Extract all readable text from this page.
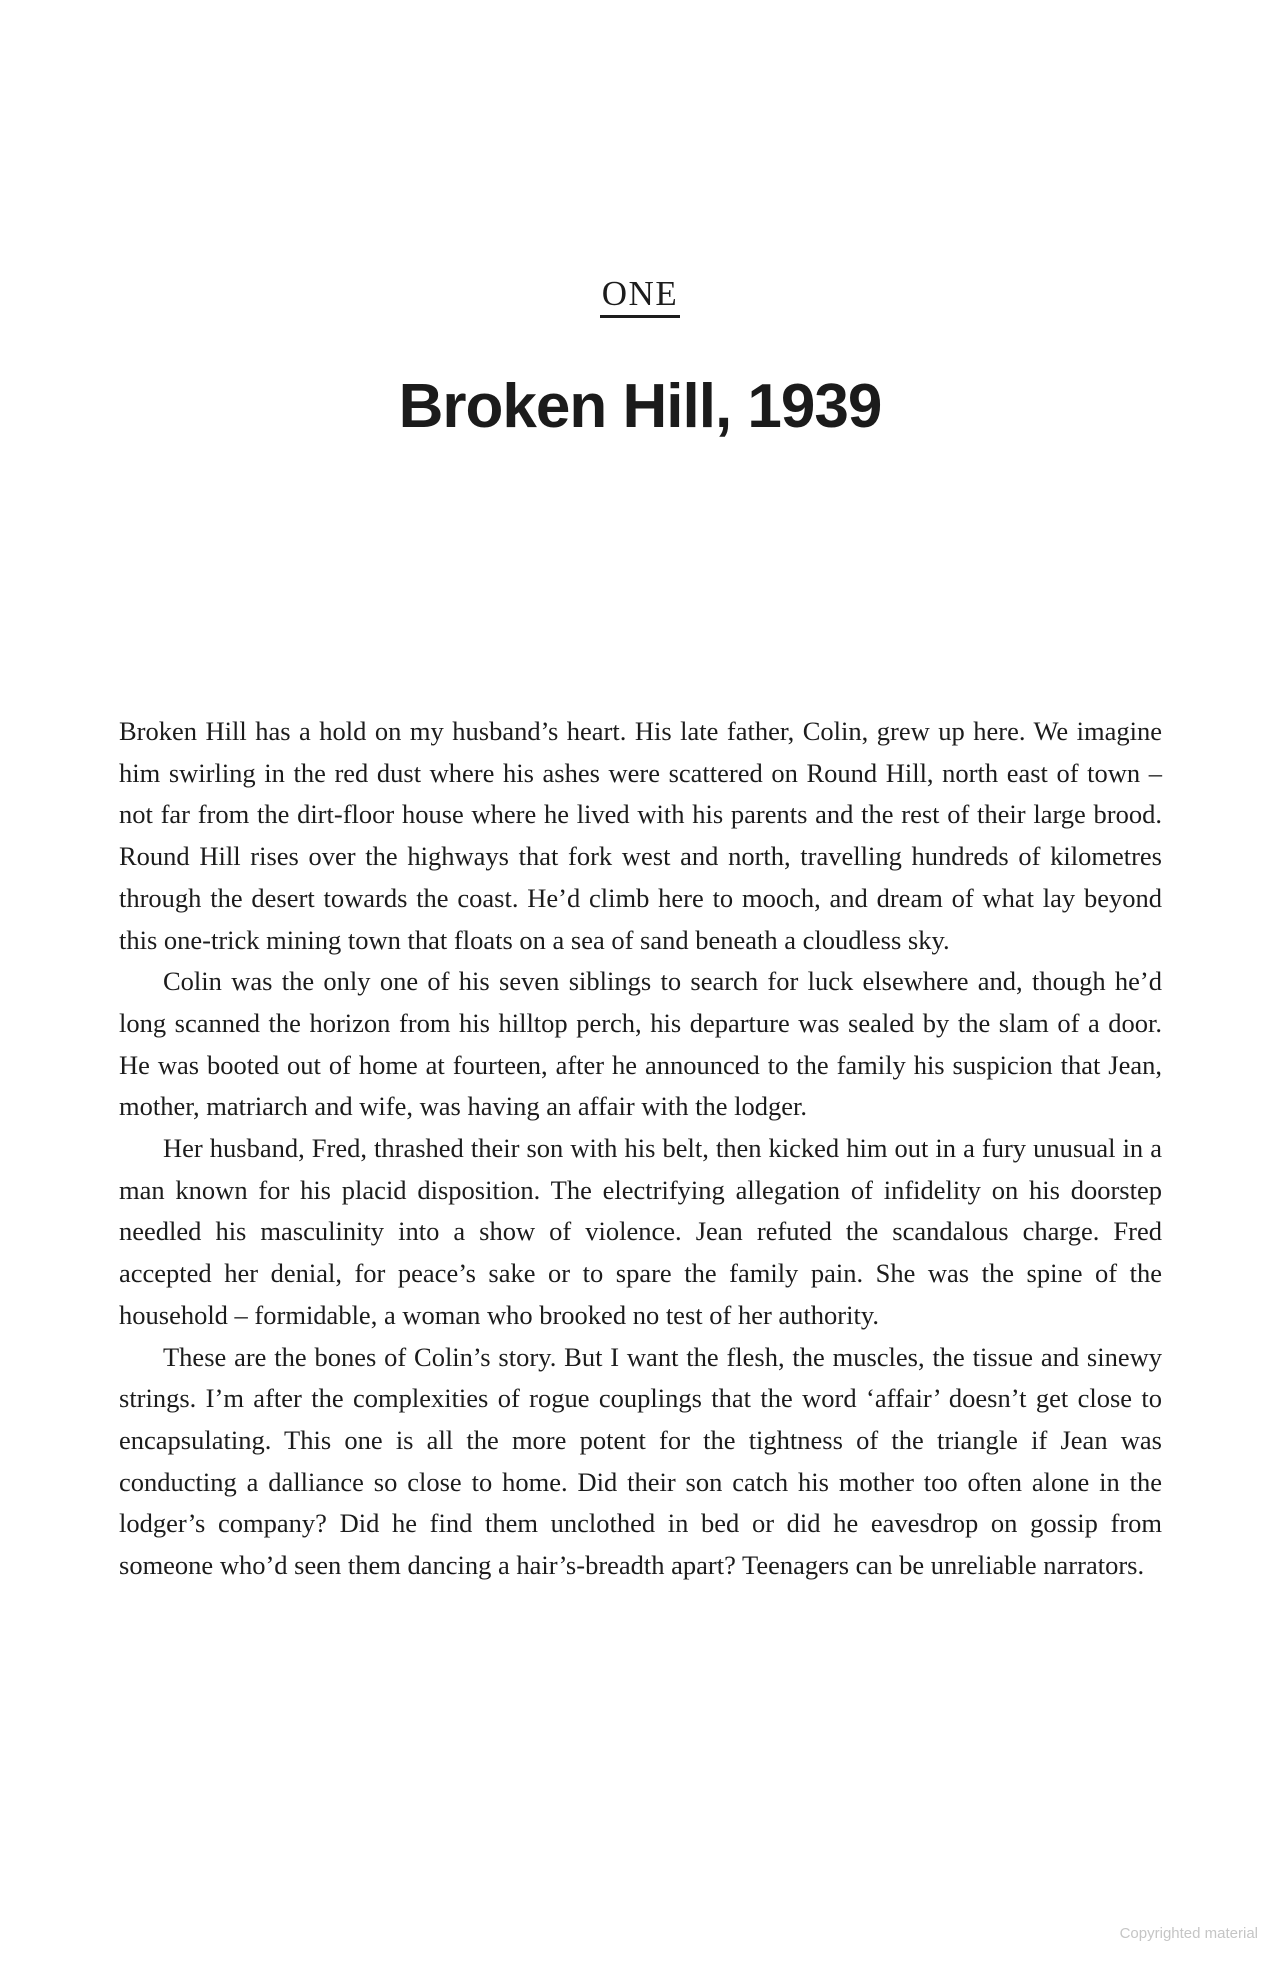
ONE
Broken Hill, 1939

Broken Hill has a hold on my husband’s heart. His late father, Colin, grew up here. We imagine him swirling in the red dust where his ashes were scattered on Round Hill, north east of town – not far from the dirt-floor house where he lived with his parents and the rest of their large brood. Round Hill rises over the highways that fork west and north, travelling hundreds of kilometres through the desert towards the coast. He’d climb here to mooch, and dream of what lay beyond this one-trick mining town that floats on a sea of sand beneath a cloudless sky.

Colin was the only one of his seven siblings to search for luck elsewhere and, though he’d long scanned the horizon from his hilltop perch, his departure was sealed by the slam of a door. He was booted out of home at fourteen, after he announced to the family his suspicion that Jean, mother, matriarch and wife, was having an affair with the lodger.

Her husband, Fred, thrashed their son with his belt, then kicked him out in a fury unusual in a man known for his placid disposition. The electrifying allegation of infidelity on his doorstep needled his masculinity into a show of violence. Jean refuted the scandalous charge. Fred accepted her denial, for peace’s sake or to spare the family pain. She was the spine of the household – formidable, a woman who brooked no test of her authority.

These are the bones of Colin’s story. But I want the flesh, the muscles, the tissue and sinewy strings. I’m after the complexities of rogue couplings that the word ‘affair’ doesn’t get close to encapsulating. This one is all the more potent for the tightness of the triangle if Jean was conducting a dalliance so close to home. Did their son catch his mother too often alone in the lodger’s company? Did he find them unclothed in bed or did he eavesdrop on gossip from someone who’d seen them dancing a hair’s-breadth apart? Teenagers can be unreliable narrators.

Copyrighted material
